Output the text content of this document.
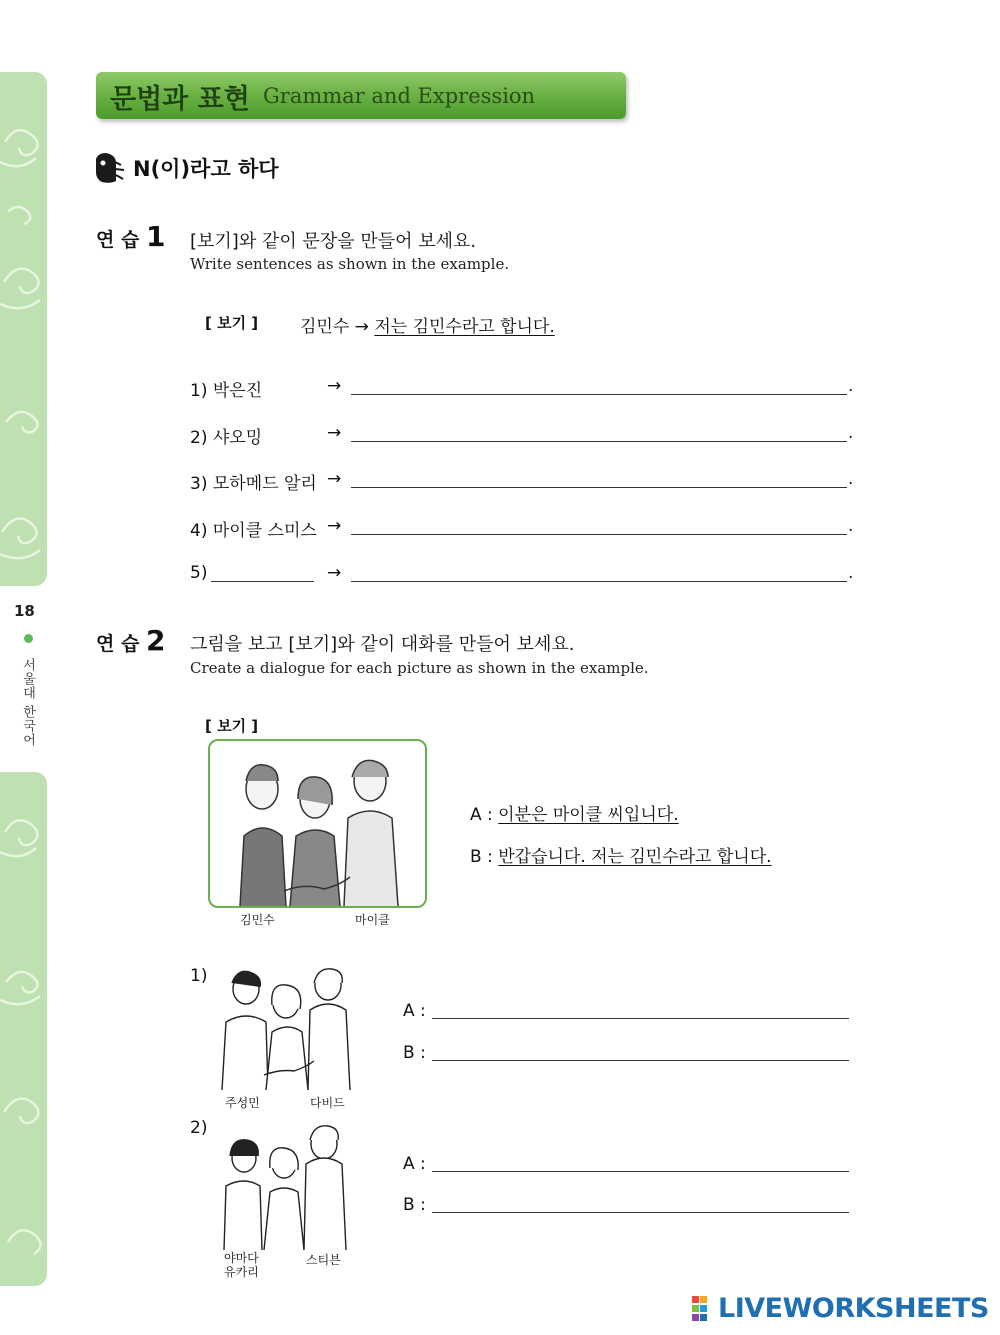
18
서울대 한국어
문법과 표현 Grammar and Expression
N(이)라고 하다
연 습 1 [보기]와 같이 문장을 만들어 보세요.
Write sentences as shown in the example.
[ 보기 ] 김민수 → 저는 김민수라고 합니다.
1) 박은진	→	.
2) 샤오밍	→	.
3) 모하메드 알리 →	.
4) 마이클 스미스 →	.
5)	→	.
연 습 2 그림을 보고 [보기]와 같이 대화를 만들어 보세요.
Create a dialogue for each picture as shown in the example.
[ 보기 ]
김민수	마이클
A : 이분은 마이클 씨입니다.
B : 반갑습니다. 저는 김민수라고 합니다.
1)
주성민	다비드
A :
B :
2)
야마다
유카리
스티븐
A :
B :
LIVEWORKSHEETS
